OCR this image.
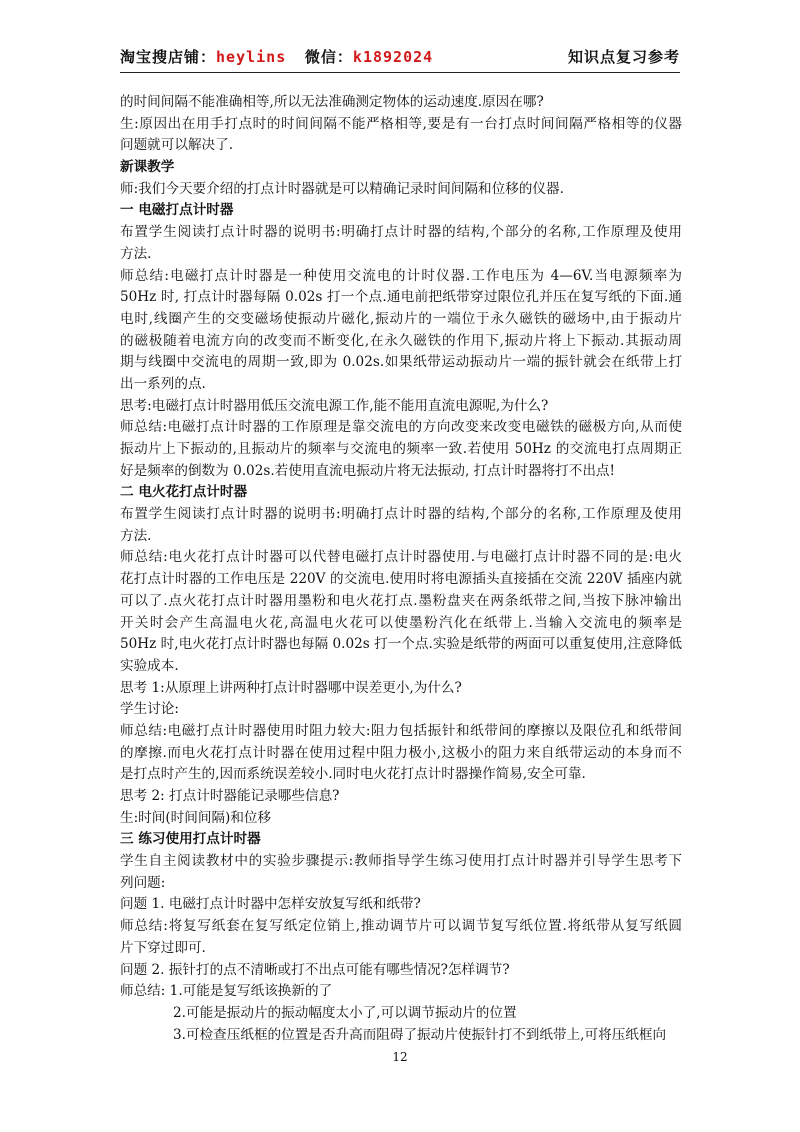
淘宝搜店铺：heylins 微信：k1892024	知识点复习参考
的时间间隔不能准确相等,所以无法准确测定物体的运动速度.原因在哪?
生:原因出在用手打点时的时间间隔不能严格相等,要是有一台打点时间间隔严格相等的仪器
问题就可以解决了.
新课教学
师:我们今天要介绍的打点计时器就是可以精确记录时间间隔和位移的仪器.
一 电磁打点计时器
布置学生阅读打点计时器的说明书:明确打点计时器的结构,个部分的名称,工作原理及使用
方法.
师总结:电磁打点计时器是一种使用交流电的计时仪器.工作电压为 4—6V.当电源频率为
50Hz 时, 打点计时器每隔 0.02s 打一个点.通电前把纸带穿过限位孔并压在复写纸的下面.通
电时,线圈产生的交变磁场使振动片磁化,振动片的一端位于永久磁铁的磁场中,由于振动片
的磁极随着电流方向的改变而不断变化,在永久磁铁的作用下,振动片将上下振动.其振动周
期与线圈中交流电的周期一致,即为 0.02s.如果纸带运动振动片一端的振针就会在纸带上打
出一系列的点.
思考:电磁打点计时器用低压交流电源工作,能不能用直流电源呢,为什么?
师总结:电磁打点计时器的工作原理是靠交流电的方向改变来改变电磁铁的磁极方向,从而使
振动片上下振动的,且振动片的频率与交流电的频率一致.若使用 50Hz 的交流电打点周期正
好是频率的倒数为 0.02s.若使用直流电振动片将无法振动, 打点计时器将打不出点!
二 电火花打点计时器
布置学生阅读打点计时器的说明书:明确打点计时器的结构,个部分的名称,工作原理及使用
方法.
师总结:电火花打点计时器可以代替电磁打点计时器使用.与电磁打点计时器不同的是:电火
花打点计时器的工作电压是 220V 的交流电.使用时将电源插头直接插在交流 220V 插座内就
可以了.点火花打点计时器用墨粉和电火花打点.墨粉盘夹在两条纸带之间,当按下脉冲输出
开关时会产生高温电火花,高温电火花可以使墨粉汽化在纸带上.当输入交流电的频率是
50Hz 时,电火花打点计时器也每隔 0.02s 打一个点.实验是纸带的两面可以重复使用,注意降低
实验成本.
思考 1:从原理上讲两种打点计时器哪中误差更小,为什么?
学生讨论:
师总结:电磁打点计时器使用时阻力较大:阻力包括振针和纸带间的摩擦以及限位孔和纸带间
的摩擦.而电火花打点计时器在使用过程中阻力极小,这极小的阻力来自纸带运动的本身而不
是打点时产生的,因而系统误差较小.同时电火花打点计时器操作简易,安全可靠.
思考 2: 打点计时器能记录哪些信息?
生:时间(时间间隔)和位移
三 练习使用打点计时器
学生自主阅读教材中的实验步骤提示:教师指导学生练习使用打点计时器并引导学生思考下
列问题:
问题 1. 电磁打点计时器中怎样安放复写纸和纸带?
师总结:将复写纸套在复写纸定位销上,推动调节片可以调节复写纸位置.将纸带从复写纸圆
片下穿过即可.
问题 2. 振针打的点不清晰或打不出点可能有哪些情况?怎样调节?
师总结: 1.可能是复写纸该换新的了
2.可能是振动片的振动幅度太小了,可以调节振动片的位置
3.可检查压纸框的位置是否升高而阻碍了振动片使振针打不到纸带上,可将压纸框向
12
